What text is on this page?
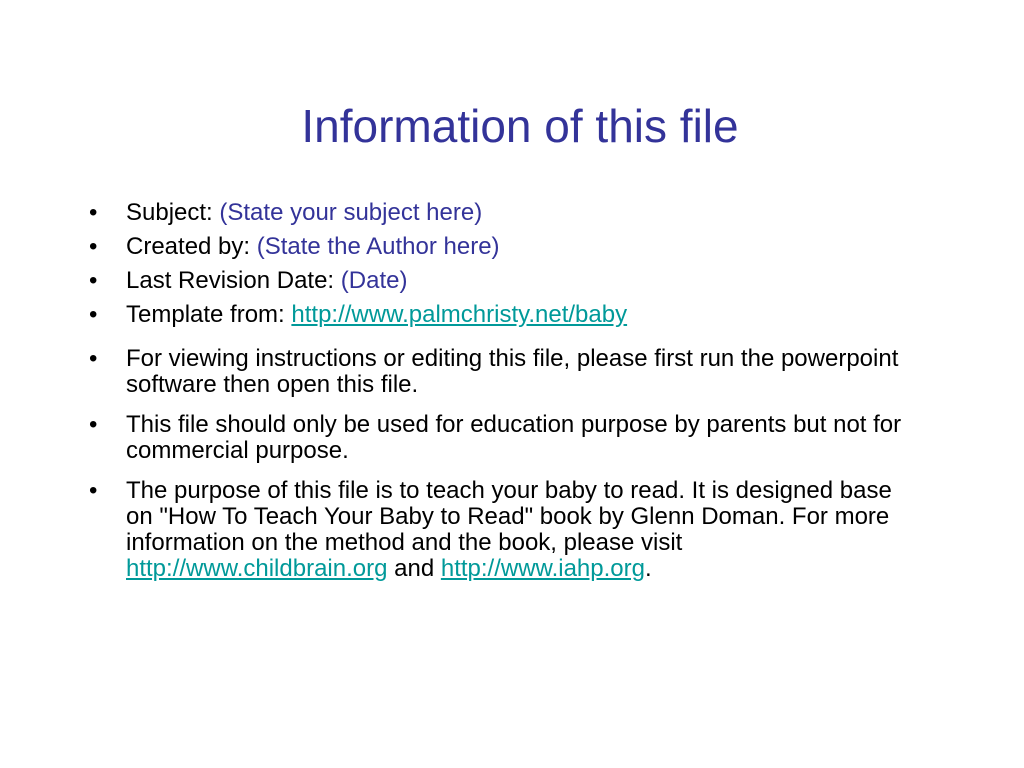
Information of this file
• Subject: (State your subject here)
• Created by: (State the Author here)
• Last Revision Date: (Date)
• Template from: http://www.palmchristy.net/baby
• For viewing instructions or editing this file, please first run the powerpoint software then open this file.
• This file should only be used for education purpose by parents but not for commercial purpose.
• The purpose of this file is to teach your baby to read. It is designed base on "How To Teach Your Baby to Read" book by Glenn Doman. For more information on the method and the book, please visit http://www.childbrain.org and http://www.iahp.org.
